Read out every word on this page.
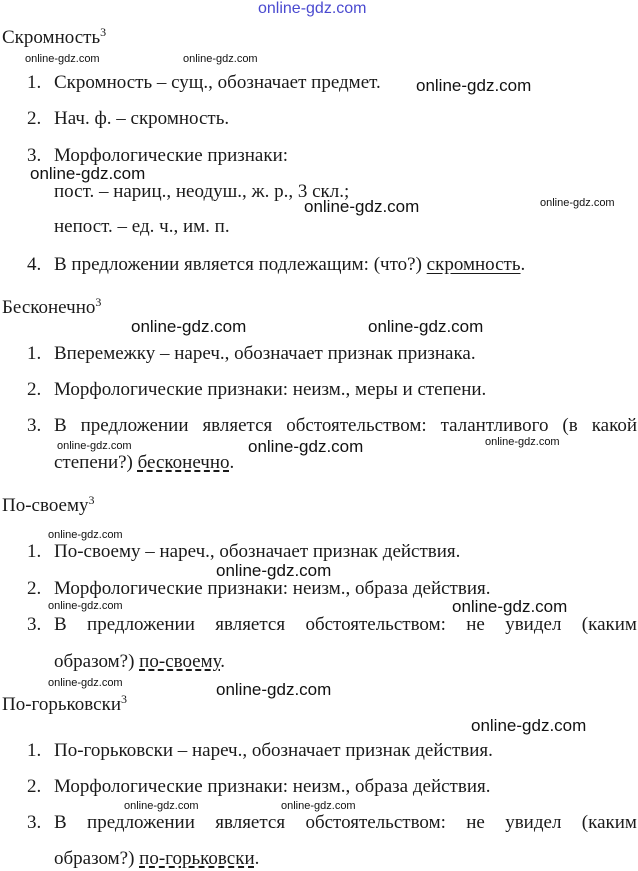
online-gdz.com
Скромность$^3$
1. Скромность – сущ., обозначает предмет.
2. Нач. ф. – скромность.
3. Морфологические признаки:
пост. – нариц., неодуш., ж. р., 3 скл.;
непост. – ед. ч., им. п.
4. В предложении является подлежащим: (что?) скромность.
Бесконечно$^3$
1. Вперемежку – нареч., обозначает признак признака.
2. Морфологические признаки: неизм., меры и степени.
3. В предложении является обстоятельством: талантливого (в какой
степени?) бесконечно.
По-своему$^3$
1. По-своему – нареч., обозначает признак действия.
2. Морфологические признаки: неизм., образа действия.
3. В предложении является обстоятельством: не увидел (каким
образом?) по-своему.
По-горьковски$^3$
1. По-горьковски – нареч., обозначает признак действия.
2. Морфологические признаки: неизм., образа действия.
3. В предложении является обстоятельством: не увидел (каким
образом?) по-горьковски.
online-gdz.com	online-gdz.com
online-gdz.com
online-gdz.com
online-gdz.com	online-gdz.com
online-gdz.com	online-gdz.com
online-gdz.com	online-gdz.com	online-gdz.com
online-gdz.com
online-gdz.com
online-gdz.com	online-gdz.com
online-gdz.com	online-gdz.com
online-gdz.com
online-gdz.com	online-gdz.com
